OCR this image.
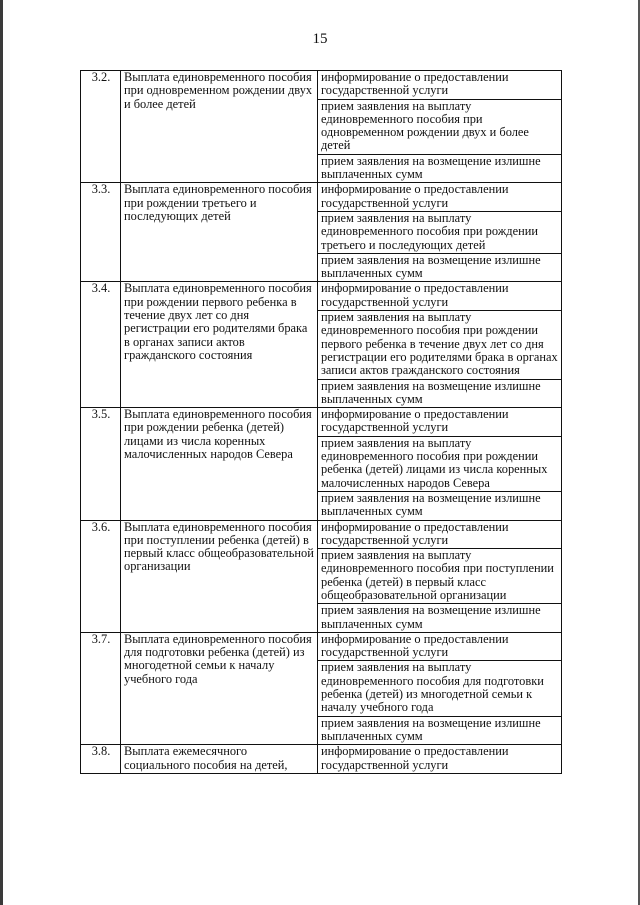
15
3.2.	Выплата единовременного пособия при одновременном рождении двух и более детей	информирование о предоставлении государственной услуги
		прием заявления на выплату единовременного пособия при одновременном рождении двух и более детей
		прием заявления на возмещение излишне выплаченных сумм
3.3.	Выплата единовременного пособия при рождении третьего и последующих детей	информирование о предоставлении государственной услуги
		прием заявления на выплату единовременного пособия при рождении третьего и последующих детей
		прием заявления на возмещение излишне выплаченных сумм
3.4.	Выплата единовременного пособия при рождении первого ребенка в течение двух лет со дня регистрации его родителями брака в органах записи актов гражданского состояния	информирование о предоставлении государственной услуги
		прием заявления на выплату единовременного пособия при рождении первого ребенка в течение двух лет со дня регистрации его родителями брака в органах записи актов гражданского состояния
		прием заявления на возмещение излишне выплаченных сумм
3.5.	Выплата единовременного пособия при рождении ребенка (детей) лицами из числа коренных малочисленных народов Севера	информирование о предоставлении государственной услуги
		прием заявления на выплату единовременного пособия при рождении ребенка (детей) лицами из числа коренных малочисленных народов Севера
		прием заявления на возмещение излишне выплаченных сумм
3.6.	Выплата единовременного пособия при поступлении ребенка (детей) в первый класс общеобразовательной организации	информирование о предоставлении государственной услуги
		прием заявления на выплату единовременного пособия при поступлении ребенка (детей) в первый класс общеобразовательной организации
		прием заявления на возмещение излишне выплаченных сумм
3.7.	Выплата единовременного пособия для подготовки ребенка (детей) из многодетной семьи к началу учебного года	информирование о предоставлении государственной услуги
		прием заявления на выплату единовременного пособия для подготовки ребенка (детей) из многодетной семьи к началу учебного года
		прием заявления на возмещение излишне выплаченных сумм
3.8.	Выплата ежемесячного социального пособия на детей,	информирование о предоставлении государственной услуги
